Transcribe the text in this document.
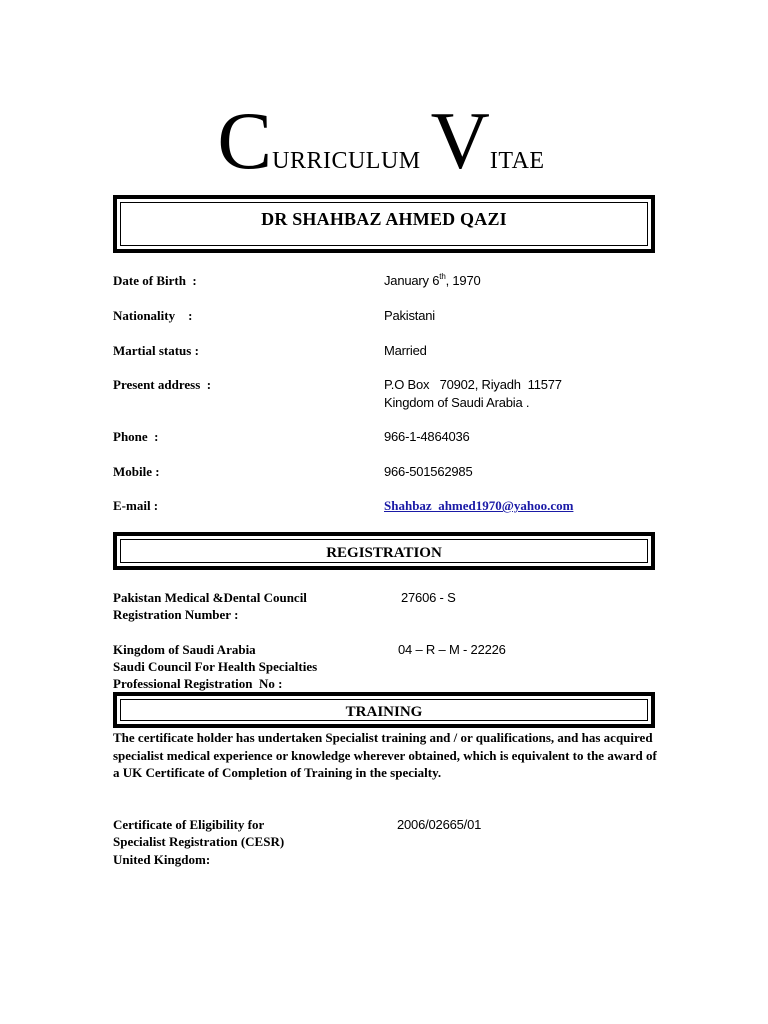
CURRICULUM VITAE
DR SHAHBAZ AHMED QAZI
Date of Birth  :	January 6th, 1970
Nationality    :	Pakistani
Martial status :	Married
Present address  :	P.O Box   70902, Riyadh  11577
Kingdom of Saudi Arabia .
Phone  :	966-1-4864036
Mobile :	966-501562985
E-mail :	Shahbaz_ahmed1970@yahoo.com
REGISTRATION
Pakistan Medical &Dental Council
Registration Number :
27606 - S
Kingdom of Saudi Arabia
Saudi Council For Health Specialties
Professional Registration  No :
04 – R – M - 22226
TRAINING
The certificate holder has undertaken Specialist training and / or qualifications, and has acquired specialist medical experience or knowledge wherever obtained, which is equivalent to the award of a UK Certificate of Completion of Training in the specialty.
Certificate of Eligibility for
Specialist Registration (CESR)
United Kingdom:
2006/02665/01
